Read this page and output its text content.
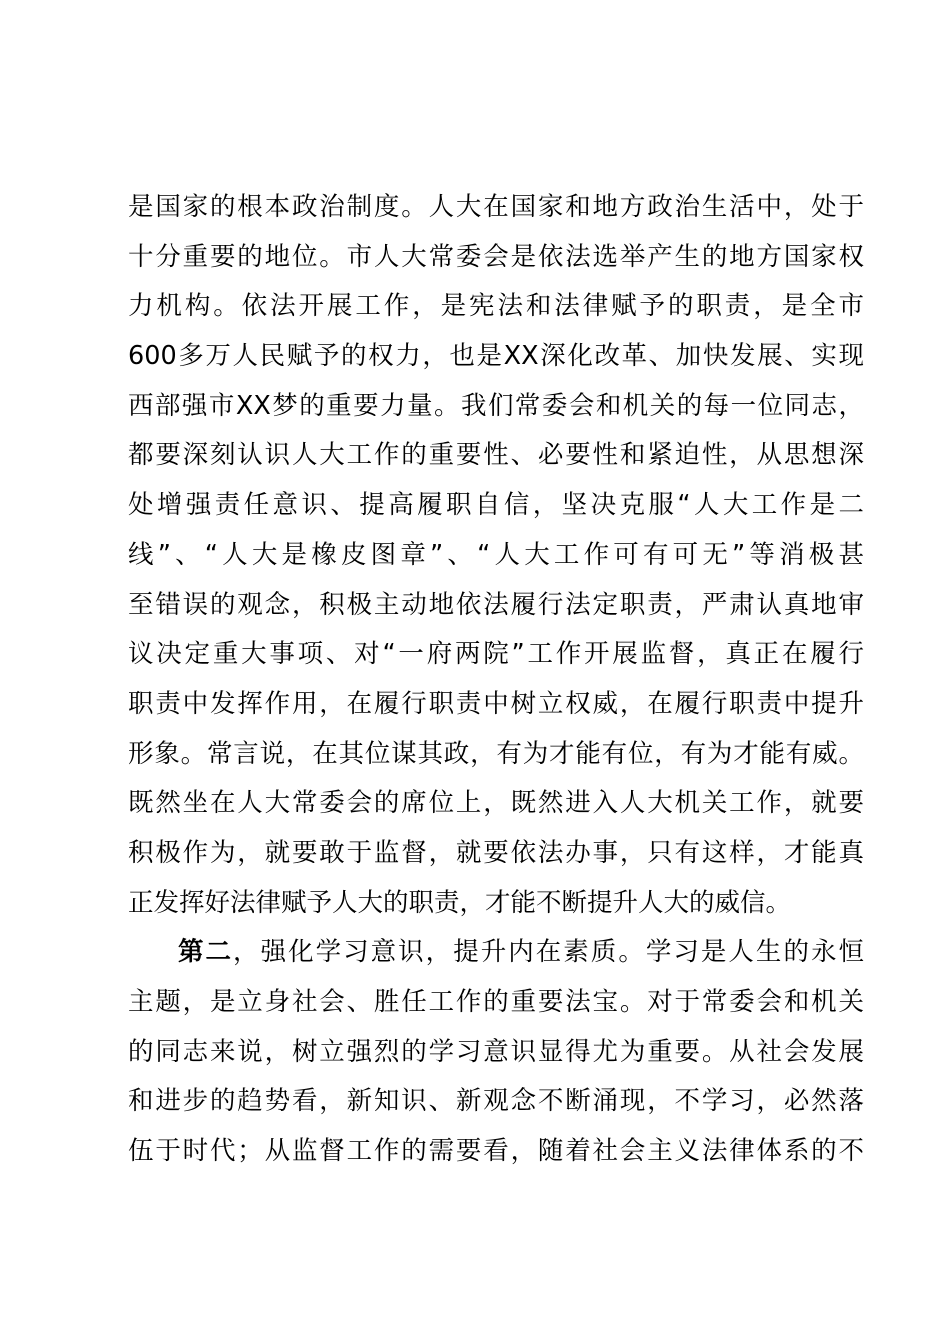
是国家的根本政治制度。人大在国家和地方政治生活中，处于
十分重要的地位。市人大常委会是依法选举产生的地方国家权
力机构。依法开展工作，是宪法和法律赋予的职责，是全市
600多万人民赋予的权力，也是XX深化改革、加快发展、实现
西部强市XX梦的重要力量。我们常委会和机关的每一位同志，
都要深刻认识人大工作的重要性、必要性和紧迫性，从思想深
处增强责任意识、提高履职自信，坚决克服“人大工作是二
线”、“人大是橡皮图章”、“人大工作可有可无”等消极甚
至错误的观念，积极主动地依法履行法定职责，严肃认真地审
议决定重大事项、对“一府两院”工作开展监督，真正在履行
职责中发挥作用，在履行职责中树立权威，在履行职责中提升
形象。常言说，在其位谋其政，有为才能有位，有为才能有威。
既然坐在人大常委会的席位上，既然进入人大机关工作，就要
积极作为，就要敢于监督，就要依法办事，只有这样，才能真
正发挥好法律赋予人大的职责，才能不断提升人大的威信。
第二，强化学习意识，提升内在素质。学习是人生的永恒
主题，是立身社会、胜任工作的重要法宝。对于常委会和机关
的同志来说，树立强烈的学习意识显得尤为重要。从社会发展
和进步的趋势看，新知识、新观念不断涌现，不学习，必然落
伍于时代；从监督工作的需要看，随着社会主义法律体系的不
